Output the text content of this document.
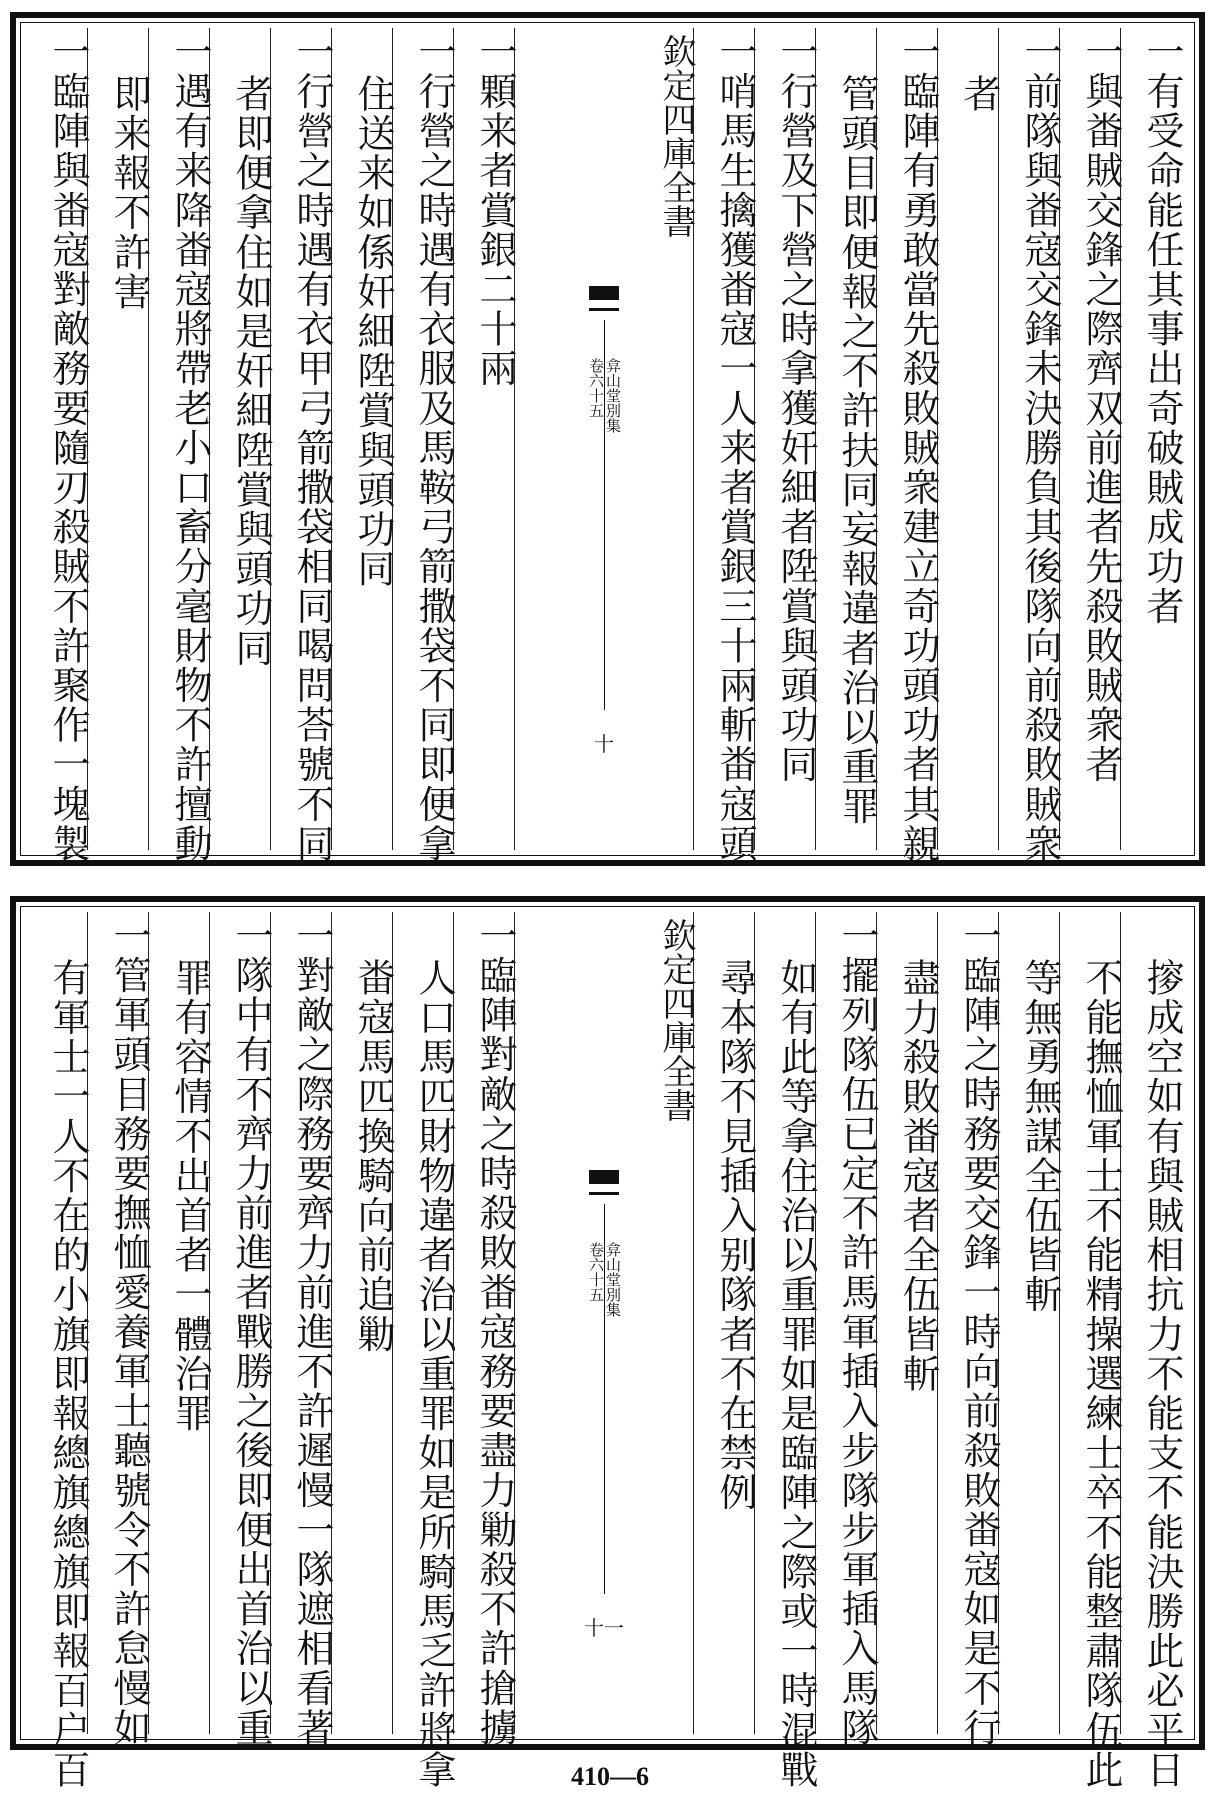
一臨陣與畨寇對敵務要隨刃殺賊不許聚作一塊製 即来報不許害 一遇有来降畨寇將帶老小口畜分毫財物不許擅動 者即便拿住如是奸細陞賞與頭功同 一行營之時遇有衣甲弓箭撒袋相同喝問荅號不同 住送来如係奸細陞賞與頭功同 一行營之時遇有衣服及馬鞍弓箭撒袋不同即便拿 一顆来者賞銀二十兩	欽定四庫全書
卷六十五 弇山堂別集
十	一哨馬生擒獲畨寇一人来者賞銀三十兩斬畨寇頭 一行營及下營之時拿獲奸細者陞賞與頭功同 管頭目即便報之不許扶同妄報違者治以重罪 一臨陣有勇敢當先殺敗賊衆建立奇功頭功者其親 者 一前隊與畨寇交鋒未決勝負其後隊向前殺敗賊衆 一與畨賊交鋒之際齊双前進者先殺敗賊衆者 一有受命能任其事出奇破賊成功者
有軍士一人不在的小旗即報總旗總旗即報百户百 一管軍頭目務要撫恤愛養軍士聽號令不許怠慢如 罪有容情不出首者一體治罪 一隊中有不齊力前進者戰勝之後即便出首治以重 一對敵之際務要齊力前進不許遲慢一隊遮相看著 畨寇馬匹換騎向前追勦 人口馬匹財物違者治以重罪如是所騎馬乏許將拿 一臨陣對敵之時殺敗畨寇務要盡力勦殺不許搶擄	欽定四庫全書
卷六十五 弇山堂別集
十一
尋本隊不見插入别隊者不在禁例 如有此等拿住治以重罪如是臨陣之際或一時混戰 一擺列隊伍已定不許馬軍插入步隊步軍插入馬隊 盡力殺敗畨寇者全伍皆斬 一臨陣之時務要交鋒一時向前殺敗畨寇如是不行 等無勇無謀全伍皆斬 不能撫恤軍士不能精操選練士卒不能整肅隊伍此 摉成空如有與賊相抗力不能支不能決勝此必平日
410—6
